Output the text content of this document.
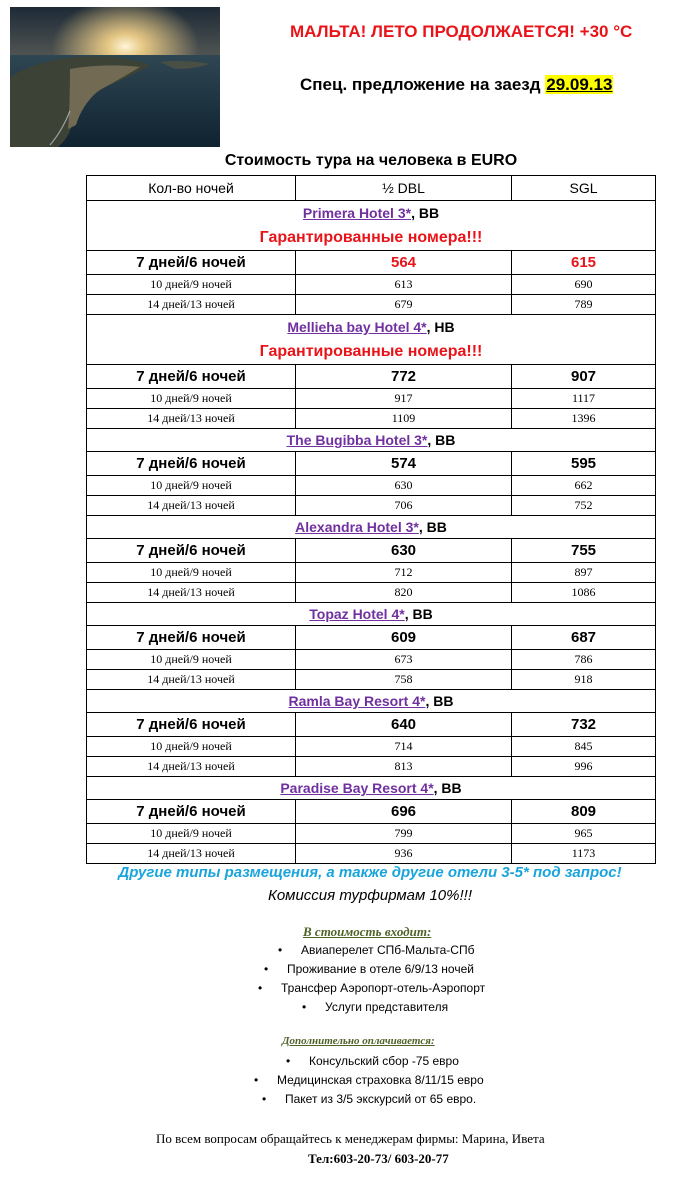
МАЛЬТА! ЛЕТО ПРОДОЛЖАЕТСЯ! +30 °С
Спец. предложение на заезд 29.09.13
Стоимость тура на человека в EURO
Кол-во ночей	½ DBL	SGL
Primera Hotel 3*, BB		
Гарантированные номера!!!		
7 дней/6 ночей	564	615
10 дней/9 ночей	613	690
14 дней/13 ночей	679	789
Mellieha bay Hotel 4*, HB		
Гарантированные номера!!!		
7 дней/6 ночей	772	907
10 дней/9 ночей	917	1117
14 дней/13 ночей	1109	1396
The Bugibba Hotel 3*, BB		
7 дней/6 ночей	574	595
10 дней/9 ночей	630	662
14 дней/13 ночей	706	752
Alexandra Hotel 3*, BB		
7 дней/6 ночей	630	755
10 дней/9 ночей	712	897
14 дней/13 ночей	820	1086
Topaz Hotel 4*, BB		
7 дней/6 ночей	609	687
10 дней/9 ночей	673	786
14 дней/13 ночей	758	918
Ramla Bay Resort 4*, BB		
7 дней/6 ночей	640	732
10 дней/9 ночей	714	845
14 дней/13 ночей	813	996
Paradise Bay Resort 4*, BB		
7 дней/6 ночей	696	809
10 дней/9 ночей	799	965
14 дней/13 ночей	936	1173
Другие типы размещения, а также другие отели 3-5* под запрос!
Комиссия турфирмам 10%!!!
В стоимость входит:
• Авиаперелет СПб-Мальта-СПб
• Проживание в отеле 6/9/13 ночей
• Трансфер Аэропорт-отель-Аэропорт
• Услуги представителя
Дополнительно оплачивается:
• Консульский сбор -75 евро
• Медицинская страховка 8/11/15 евро
• Пакет из 3/5 экскурсий от 65 евро.
По всем вопросам обращайтесь к менеджерам фирмы: Марина, Ивета
Тел:603-20-73/ 603-20-77
